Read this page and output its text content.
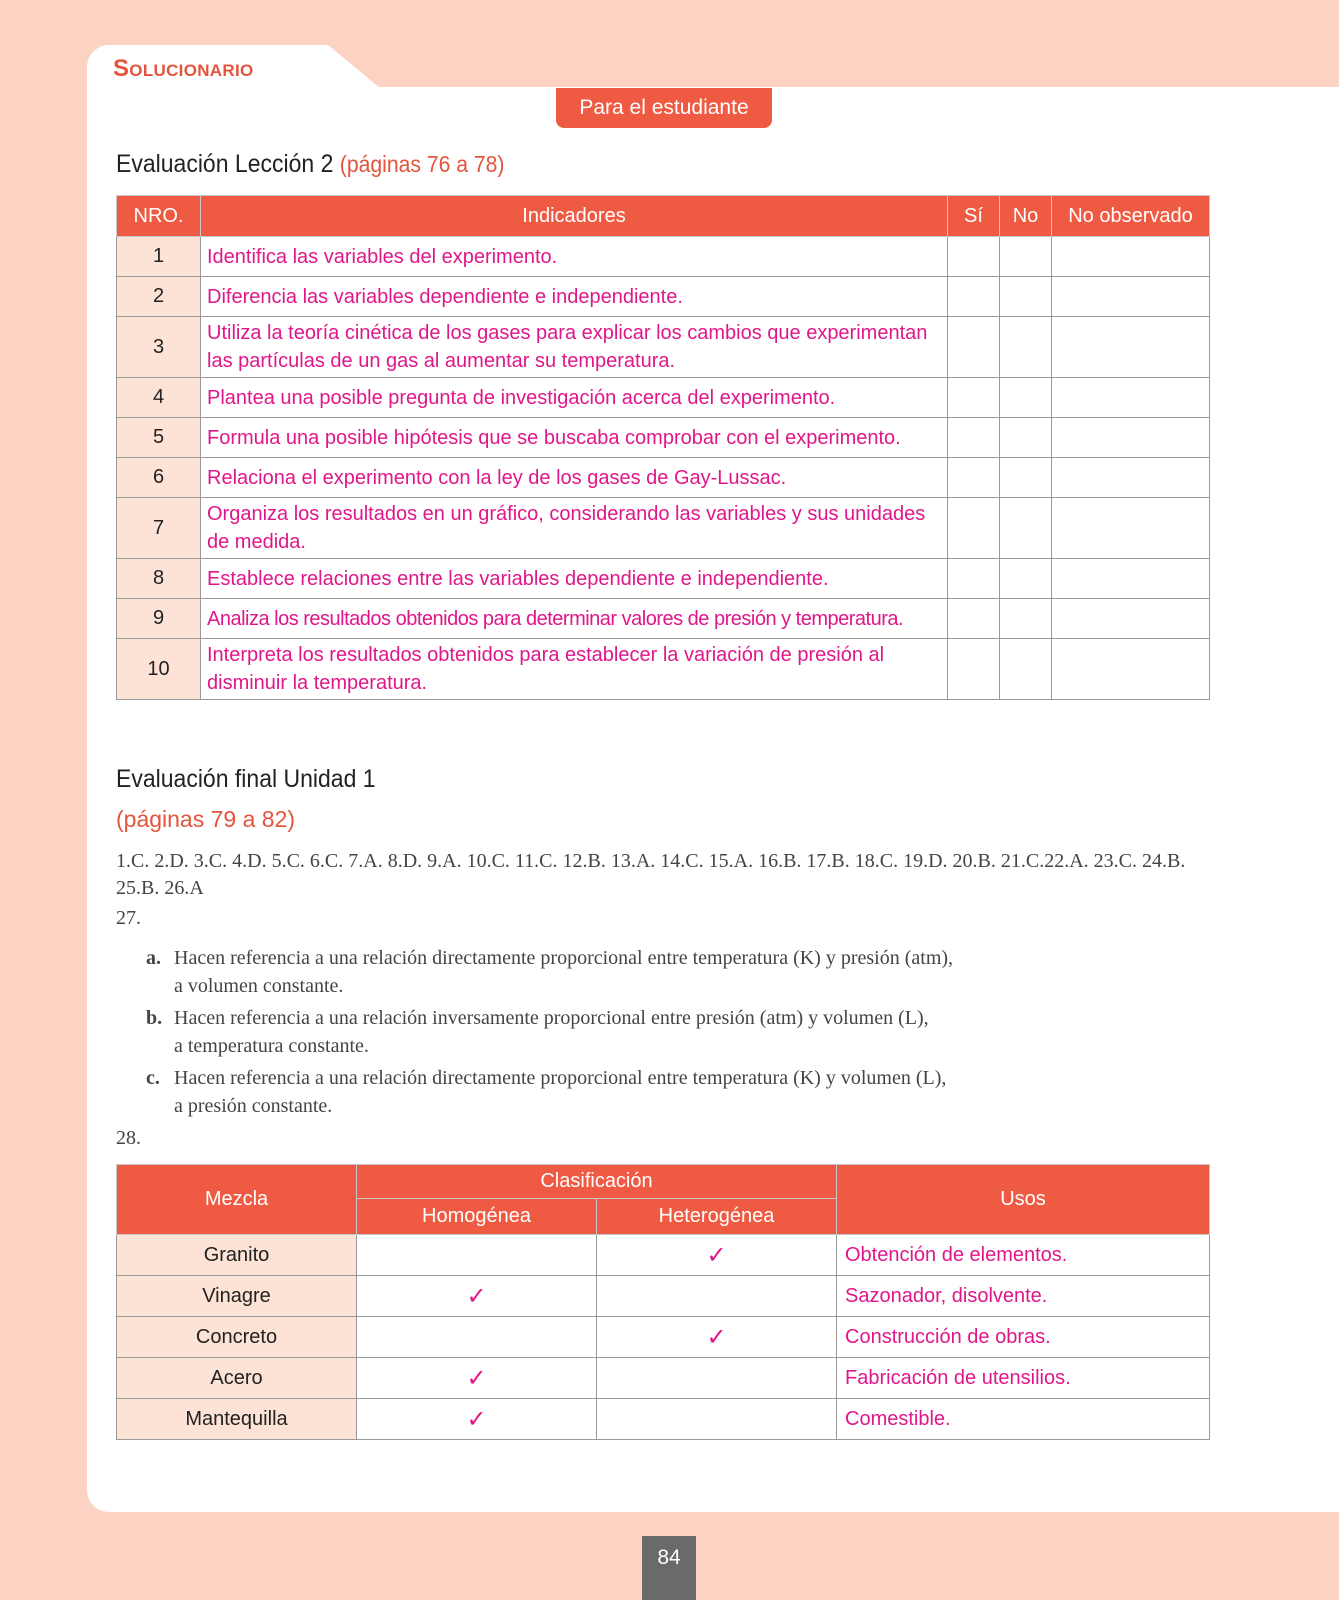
Solucionario
Para el estudiante
Evaluación Lección 2 (páginas 76 a 78)
NRO.	Indicadores	Sí	No	No observado
1	Identifica las variables del experimento.			
2	Diferencia las variables dependiente e independiente.			
3	Utiliza la teoría cinética de los gases para explicar los cambios que experimentan las partículas de un gas al aumentar su temperatura.			
4	Plantea una posible pregunta de investigación acerca del experimento.			
5	Formula una posible hipótesis que se buscaba comprobar con el experimento.			
6	Relaciona el experimento con la ley de los gases de Gay-Lussac.			
7	Organiza los resultados en un gráfico, considerando las variables y sus unidades de medida.			
8	Establece relaciones entre las variables dependiente e independiente.			
9	Analiza los resultados obtenidos para determinar valores de presión y temperatura.			
10	Interpreta los resultados obtenidos para establecer la variación de presión al disminuir la temperatura.			
Evaluación final Unidad 1
(páginas 79 a 82)
1.C. 2.D. 3.C. 4.D. 5.C. 6.C. 7.A. 8.D. 9.A. 10.C. 11.C. 12.B. 13.A. 14.C. 15.A. 16.B. 17.B. 18.C. 19.D. 20.B. 21.C.22.A. 23.C. 24.B. 25.B. 26.A
27.
a. Hacen referencia a una relación directamente proporcional entre temperatura (K) y presión (atm),
a volumen constante.
b. Hacen referencia a una relación inversamente proporcional entre presión (atm) y volumen (L),
a temperatura constante.
c. Hacen referencia a una relación directamente proporcional entre temperatura (K) y volumen (L),
a presión constante.
28.
Mezcla	Clasificación		Usos
	Homogénea	Heterogénea	
Granito		✓	Obtención de elementos.
Vinagre	✓		Sazonador, disolvente.
Concreto		✓	Construcción de obras.
Acero	✓		Fabricación de utensilios.
Mantequilla	✓		Comestible.
84
